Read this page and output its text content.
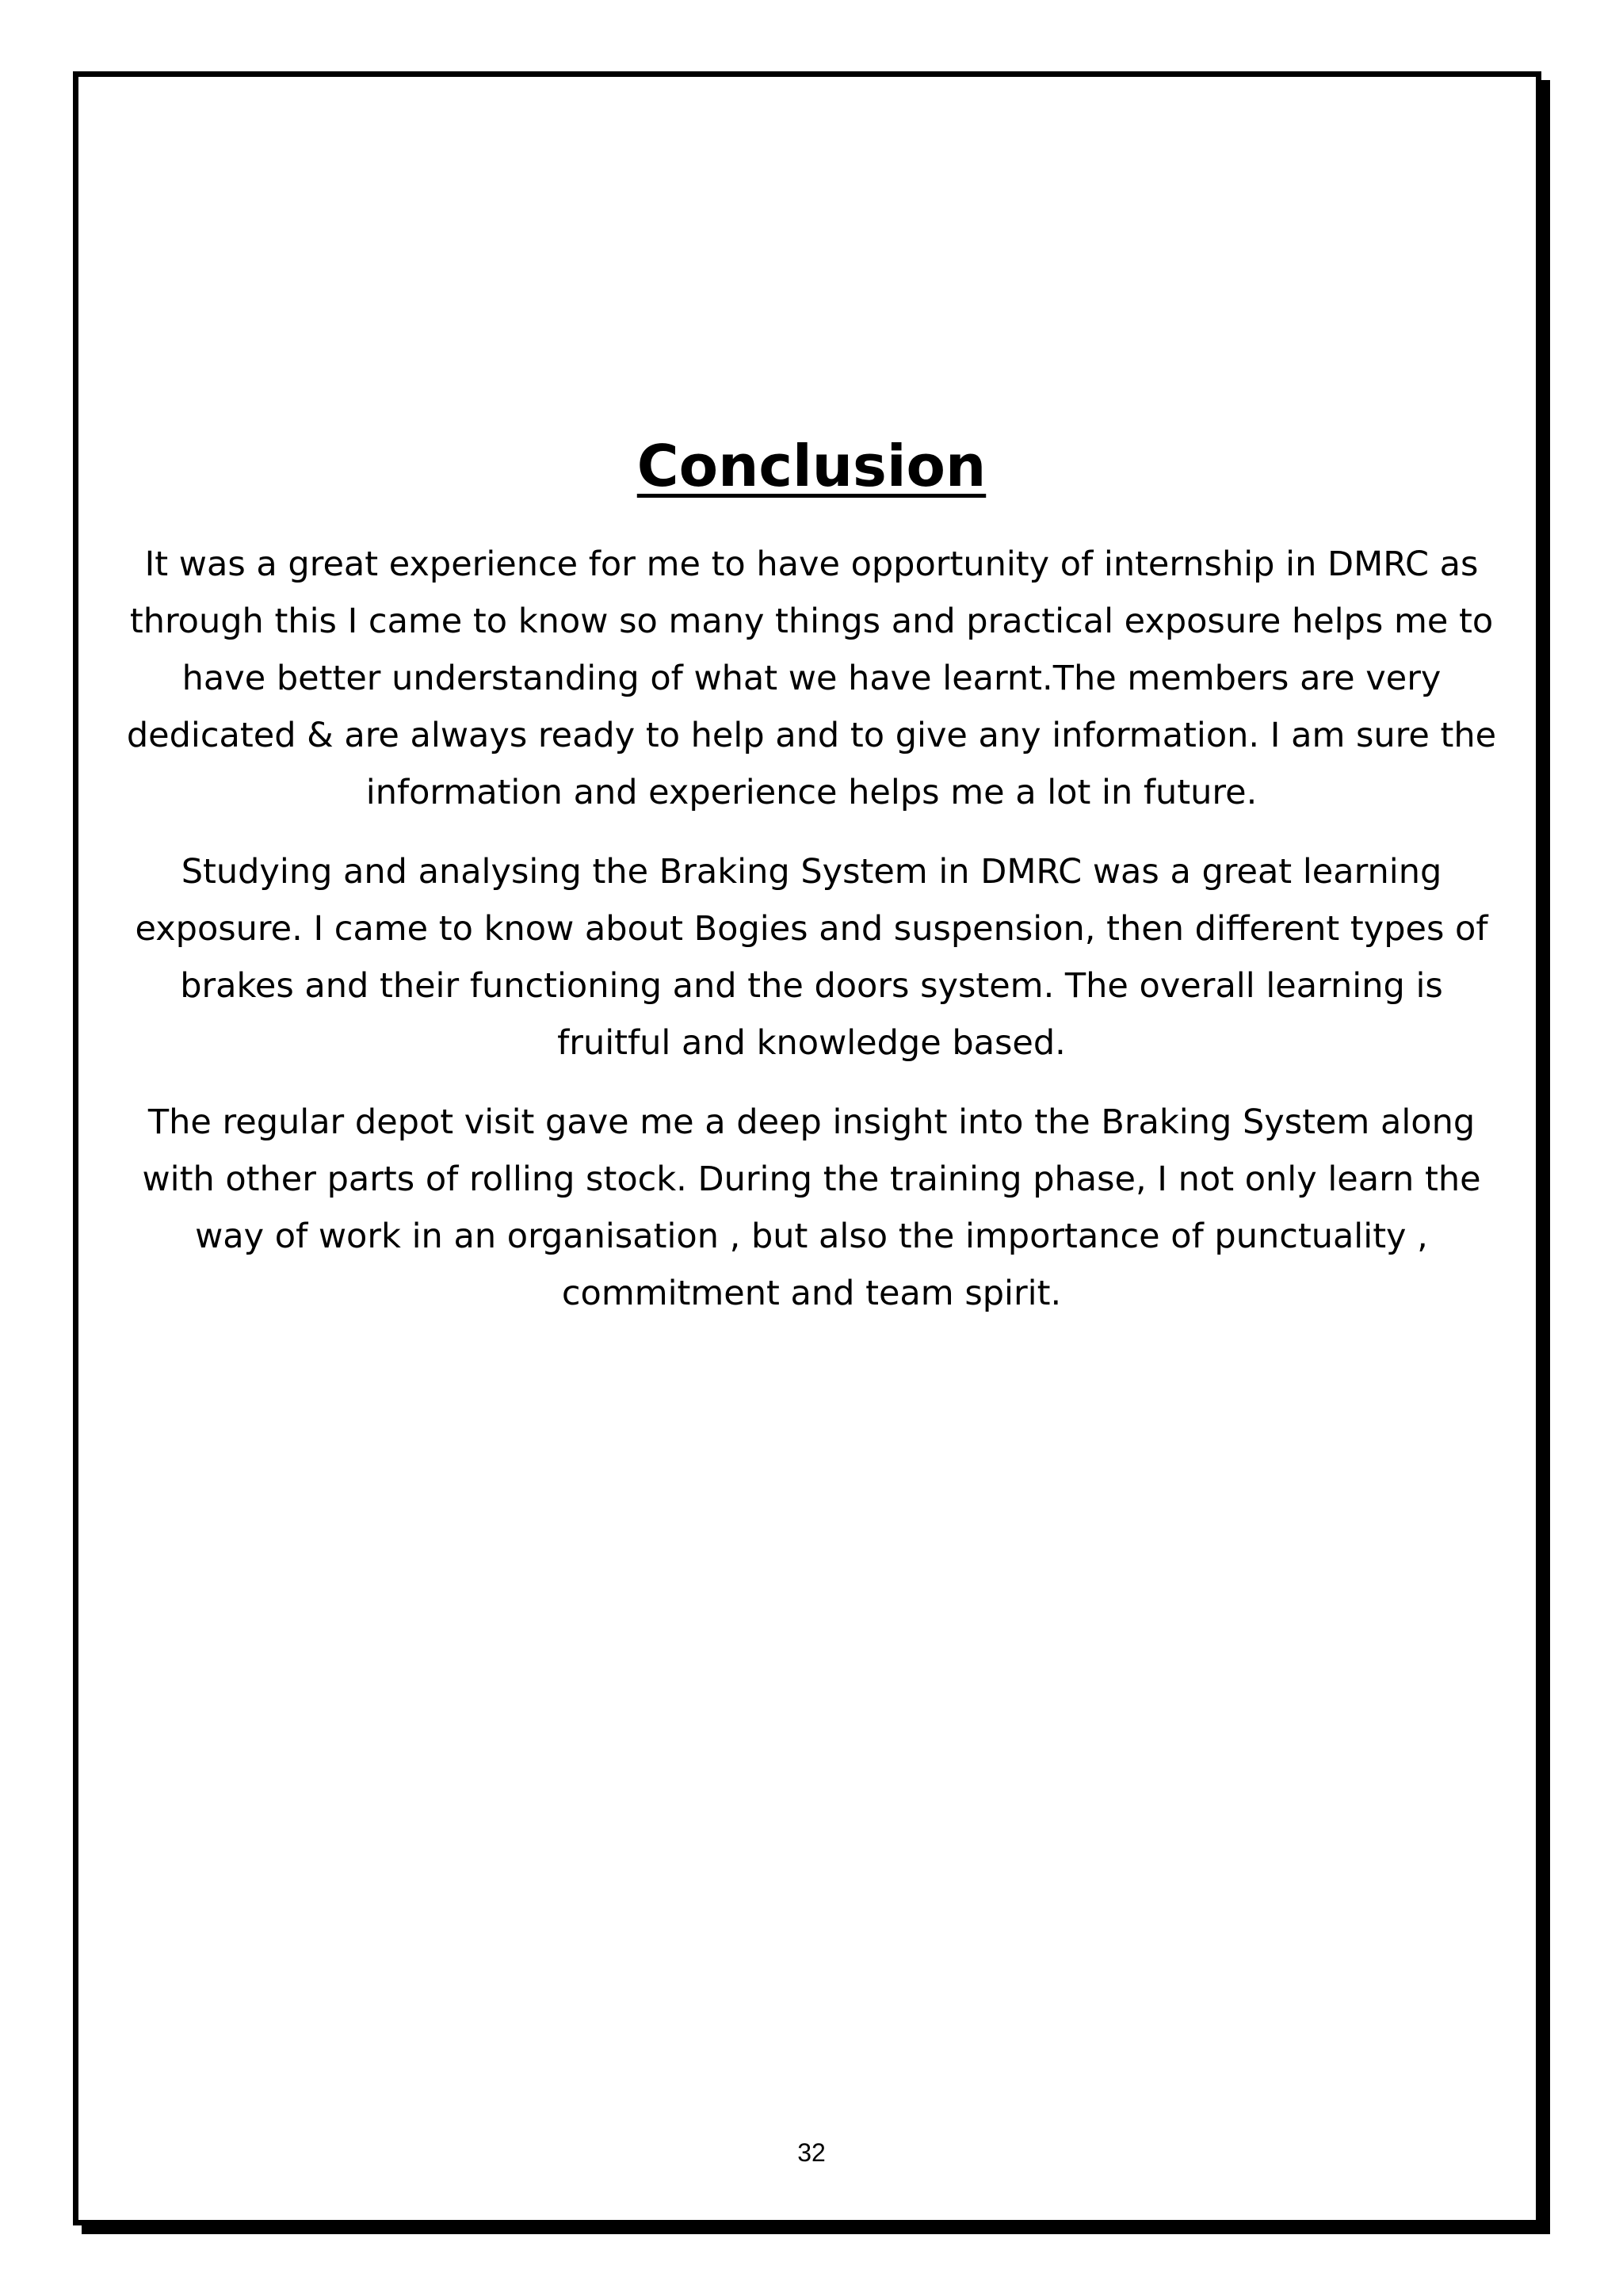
Conclusion

It was a great experience for me to have opportunity of internship in DMRC as
through this I came to know so many things and practical exposure helps me to
have better understanding of what we have learnt.The members are very
dedicated & are always ready to help and to give any information. I am sure the
information and experience helps me a lot in future.

Studying and analysing the Braking System in DMRC was a great learning
exposure. I came to know about Bogies and suspension, then different types of
brakes and their functioning and the doors system. The overall learning is
fruitful and knowledge based.

The regular depot visit gave me a deep insight into the Braking System along
with other parts of rolling stock. During the training phase, I not only learn the
way of work in an organisation , but also the importance of punctuality ,
commitment and team spirit.

32
